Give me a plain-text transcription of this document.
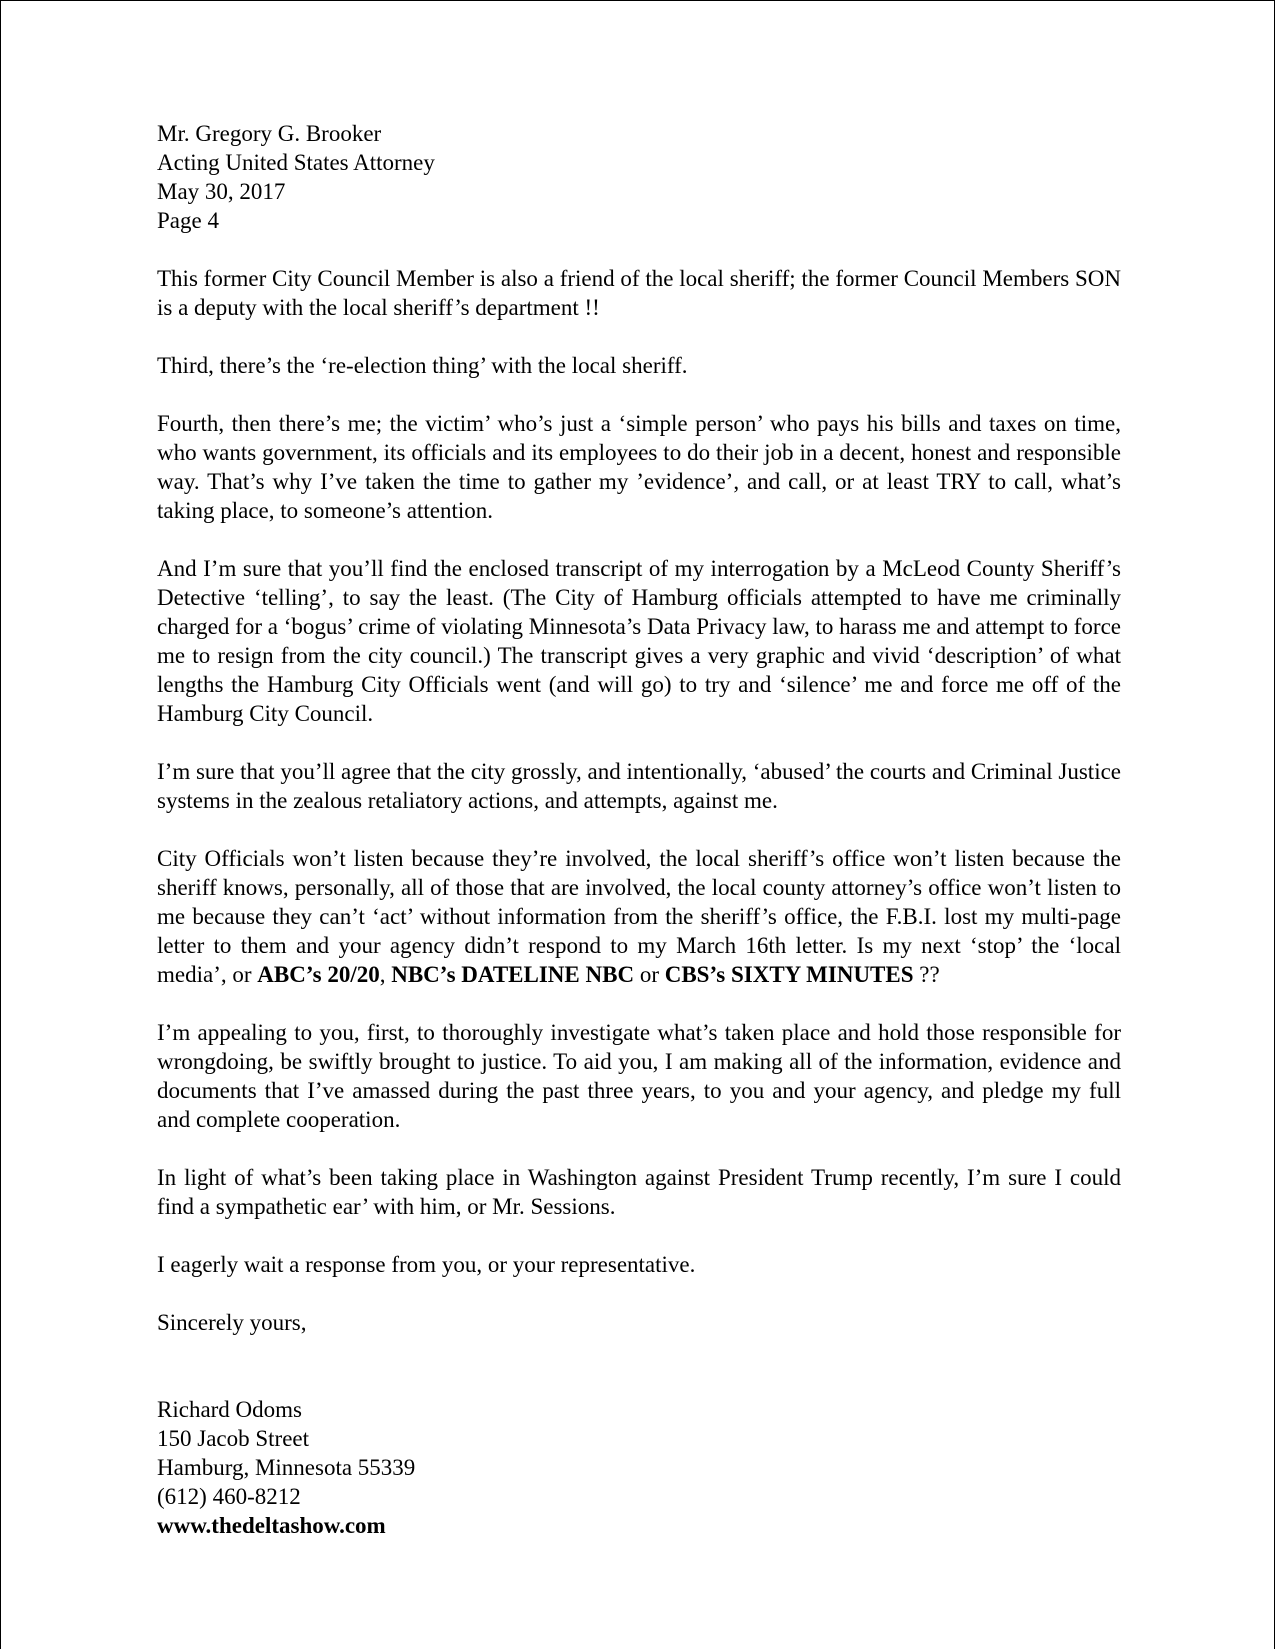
Mr. Gregory G. Brooker
Acting United States Attorney
May 30, 2017
Page 4

This former City Council Member is also a friend of the local sheriff; the former Council Members SON is a deputy with the local sheriff’s department !!

Third, there’s the ‘re-election thing’ with the local sheriff.

Fourth, then there’s me; the victim’ who’s just a ‘simple person’ who pays his bills and taxes on time, who wants government, its officials and its employees to do their job in a decent, honest and responsible way. That’s why I’ve taken the time to gather my ’evidence’, and call, or at least TRY to call, what’s taking place, to someone’s attention.

And I’m sure that you’ll find the enclosed transcript of my interrogation by a McLeod County Sheriff’s Detective ‘telling’, to say the least. (The City of Hamburg officials attempted to have me criminally charged for a ‘bogus’ crime of violating Minnesota’s Data Privacy law, to harass me and attempt to force me to resign from the city council.) The transcript gives a very graphic and vivid ‘description’ of what lengths the Hamburg City Officials went (and will go) to try and ‘silence’ me and force me off of the Hamburg City Council.

I’m sure that you’ll agree that the city grossly, and intentionally, ‘abused’ the courts and Criminal Justice systems in the zealous retaliatory actions, and attempts, against me.

City Officials won’t listen because they’re involved, the local sheriff’s office won’t listen because the sheriff knows, personally, all of those that are involved, the local county attorney’s office won’t listen to me because they can’t ‘act’ without information from the sheriff’s office, the F.B.I. lost my multi-page letter to them and your agency didn’t respond to my March 16th letter. Is my next ‘stop’ the ‘local media’, or ABC’s 20/20, NBC’s DATELINE NBC or CBS’s SIXTY MINUTES ??

I’m appealing to you, first, to thoroughly investigate what’s taken place and hold those responsible for wrongdoing, be swiftly brought to justice. To aid you, I am making all of the information, evidence and documents that I’ve amassed during the past three years, to you and your agency, and pledge my full and complete cooperation.

In light of what’s been taking place in Washington against President Trump recently, I’m sure I could find a sympathetic ear’ with him, or Mr. Sessions.

I eagerly wait a response from you, or your representative.

Sincerely yours,

Richard Odoms
150 Jacob Street
Hamburg, Minnesota 55339
(612) 460-8212
www.thedeltashow.com
